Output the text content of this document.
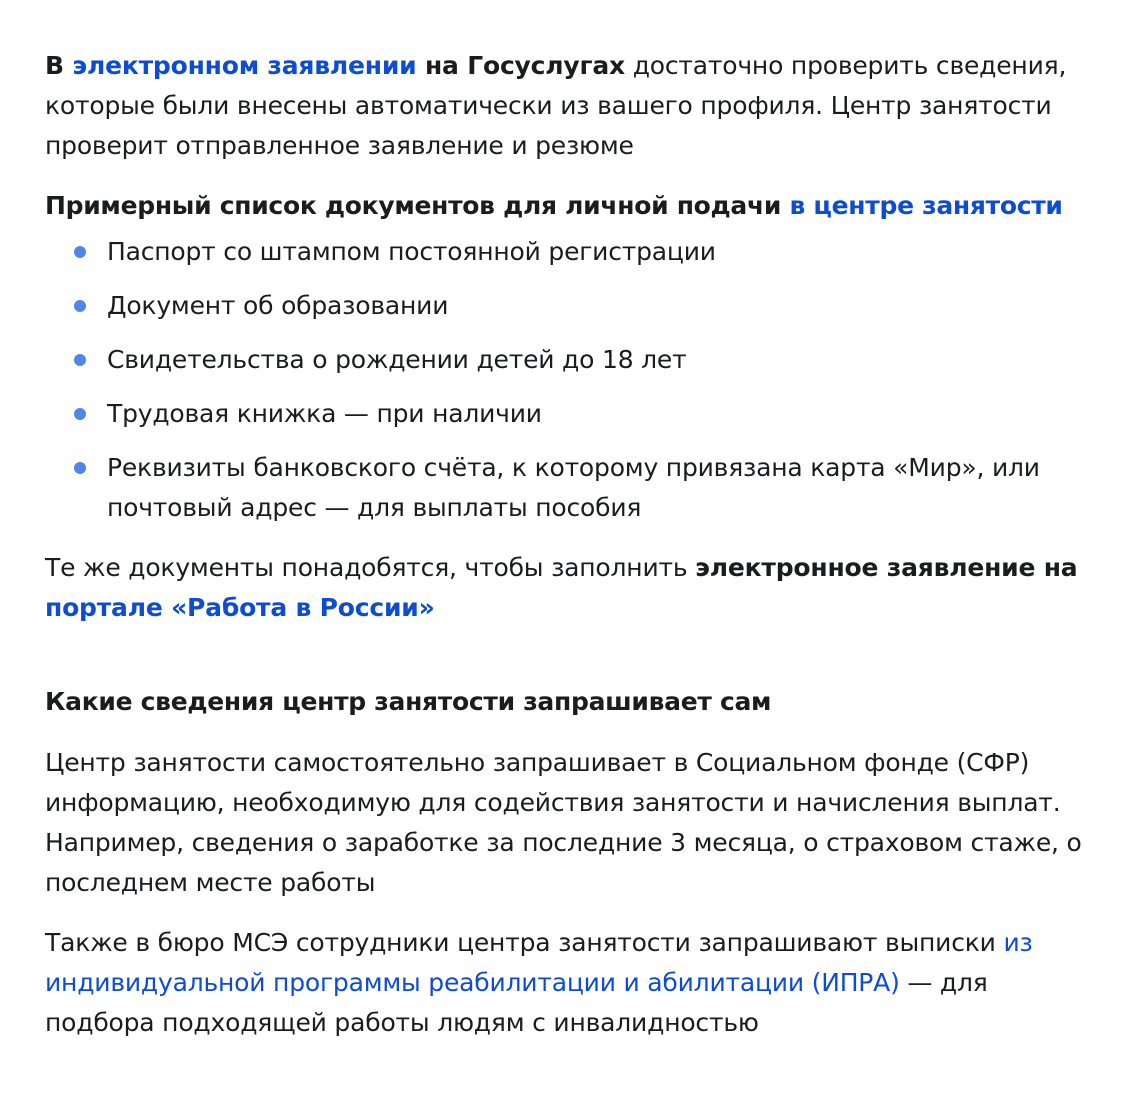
В электронном заявлении на Госуслугах достаточно проверить сведения, которые были внесены автоматически из вашего профиля. Центр занятости проверит отправленное заявление и резюме

Примерный список документов для личной подачи в центре занятости
Паспорт со штампом постоянной регистрации
Документ об образовании
Свидетельства о рождении детей до 18 лет
Трудовая книжка — при наличии
Реквизиты банковского счёта, к которому привязана карта «Мир», или почтовый адрес — для выплаты пособия

Те же документы понадобятся, чтобы заполнить электронное заявление на портале «Работа в России»

Какие сведения центр занятости запрашивает сам

Центр занятости самостоятельно запрашивает в Социальном фонде (СФР) информацию, необходимую для содействия занятости и начисления выплат. Например, сведения о заработке за последние 3 месяца, о страховом стаже, о последнем месте работы

Также в бюро МСЭ сотрудники центра занятости запрашивают выписки из индивидуальной программы реабилитации и абилитации (ИПРА) — для подбора подходящей работы людям с инвалидностью
